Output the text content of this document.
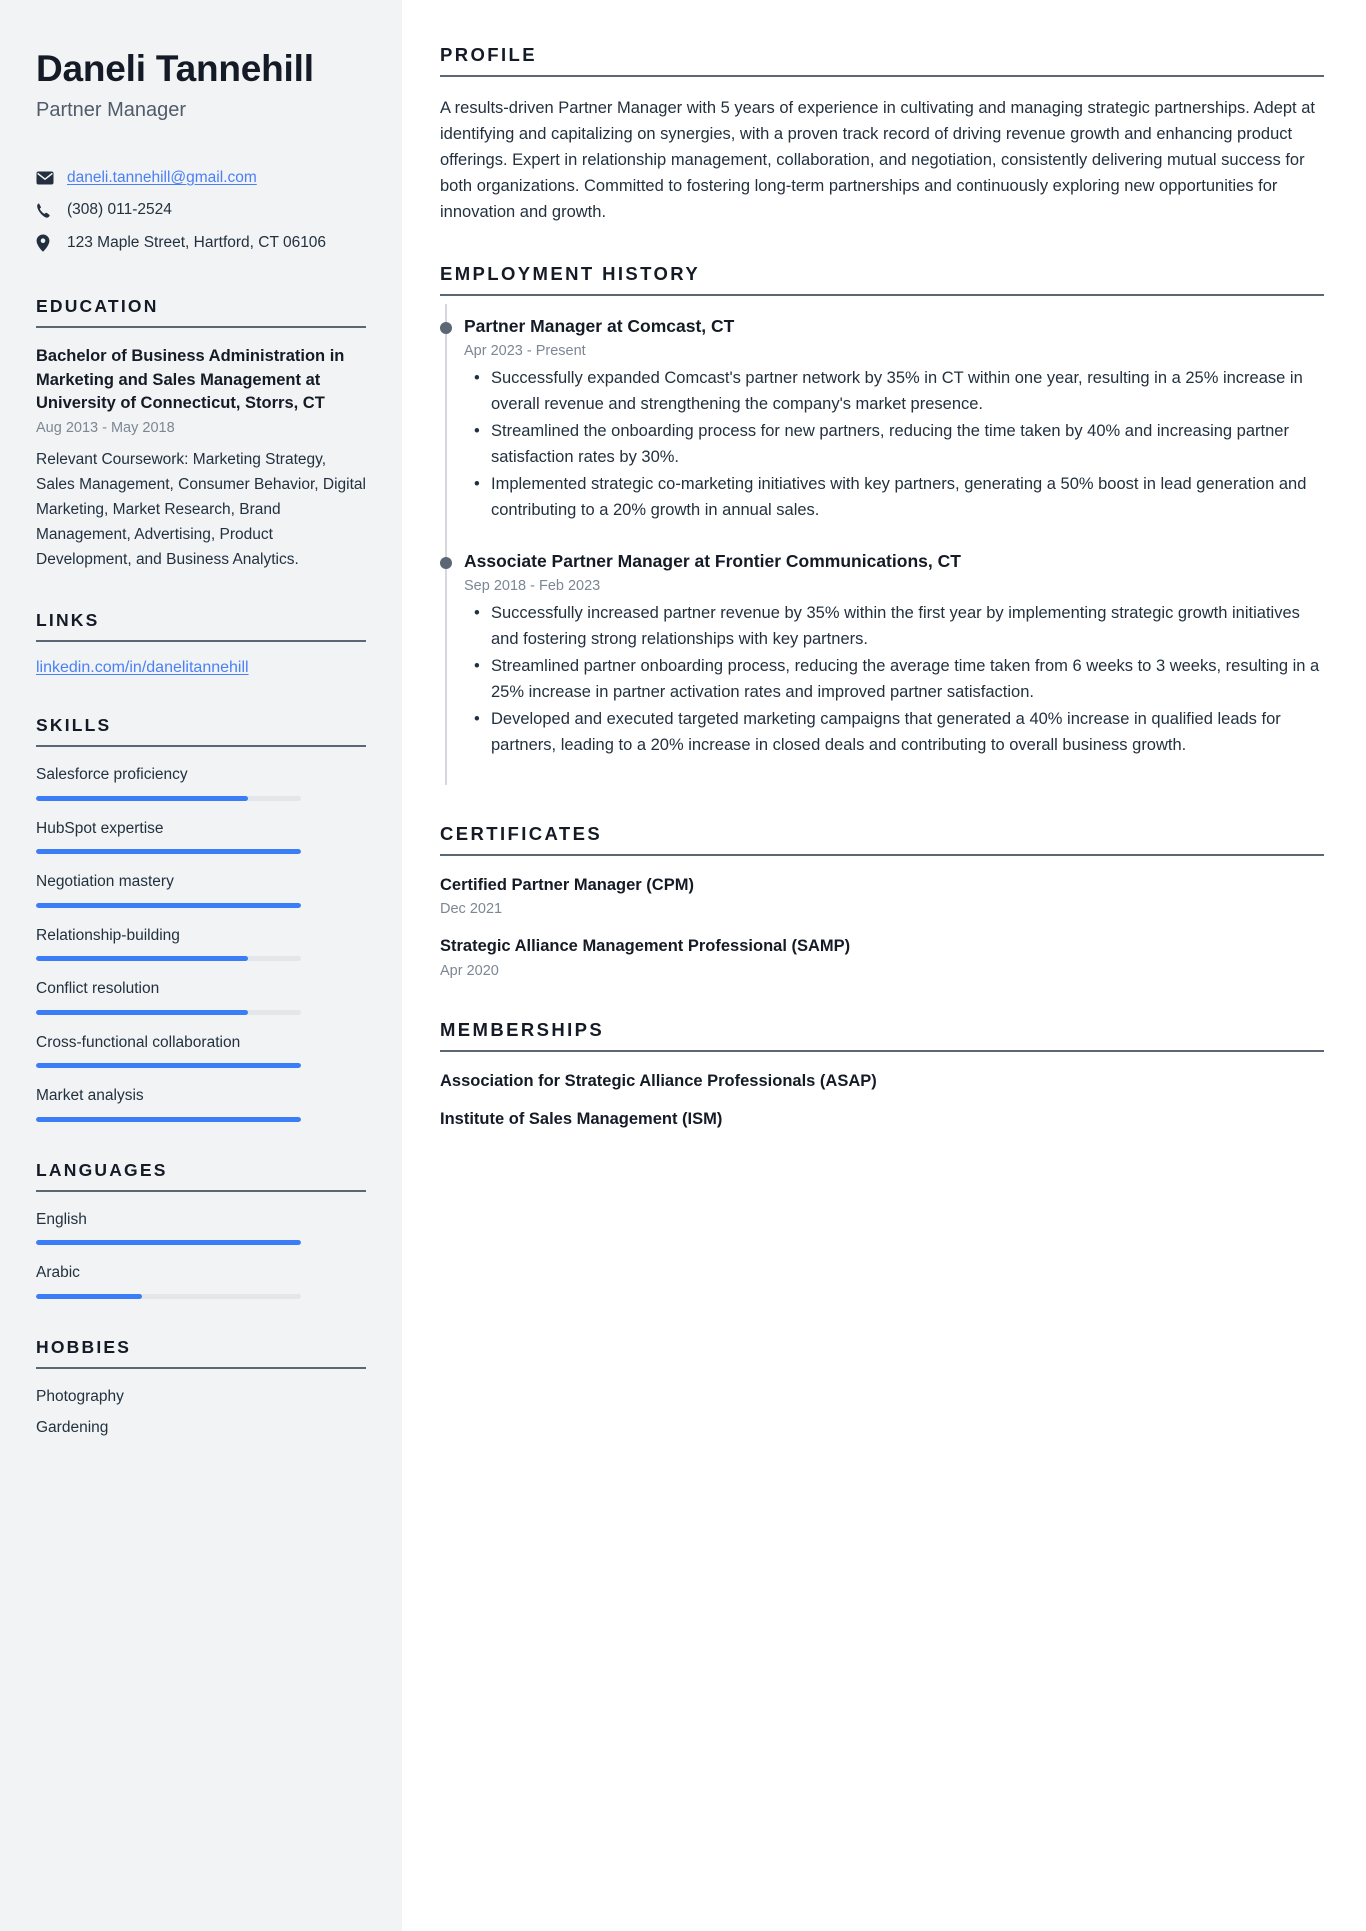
Daneli Tannehill
Partner Manager
daneli.tannehill@gmail.com
(308) 011-2524
123 Maple Street, Hartford, CT 06106
EDUCATION
Bachelor of Business Administration in Marketing and Sales Management at University of Connecticut, Storrs, CT
Aug 2013 - May 2018

Relevant Coursework: Marketing Strategy, Sales Management, Consumer Behavior, Digital Marketing, Market Research, Brand Management, Advertising, Product Development, and Business Analytics.

LINKS
linkedin.com/in/danelitannehill
SKILLS
Salesforce proficiency
HubSpot expertise
Negotiation mastery
Relationship-building
Conflict resolution
Cross-functional collaboration
Market analysis
LANGUAGES
English
Arabic
HOBBIES
Photography
Gardening
PROFILE

A results-driven Partner Manager with 5 years of experience in cultivating and managing strategic partnerships. Adept at identifying and capitalizing on synergies, with a proven track record of driving revenue growth and enhancing product offerings. Expert in relationship management, collaboration, and negotiation, consistently delivering mutual success for both organizations. Committed to fostering long-term partnerships and continuously exploring new opportunities for innovation and growth.

EMPLOYMENT HISTORY
Partner Manager at Comcast, CT
Apr 2023 - Present
• Successfully expanded Comcast's partner network by 35% in CT within one year, resulting in a 25% increase in overall revenue and strengthening the company's market presence.
• Streamlined the onboarding process for new partners, reducing the time taken by 40% and increasing partner satisfaction rates by 30%.
• Implemented strategic co-marketing initiatives with key partners, generating a 50% boost in lead generation and contributing to a 20% growth in annual sales.
Associate Partner Manager at Frontier Communications, CT
Sep 2018 - Feb 2023
• Successfully increased partner revenue by 35% within the first year by implementing strategic growth initiatives and fostering strong relationships with key partners.
• Streamlined partner onboarding process, reducing the average time taken from 6 weeks to 3 weeks, resulting in a 25% increase in partner activation rates and improved partner satisfaction.
• Developed and executed targeted marketing campaigns that generated a 40% increase in qualified leads for partners, leading to a 20% increase in closed deals and contributing to overall business growth.
CERTIFICATES
Certified Partner Manager (CPM)
Dec 2021
Strategic Alliance Management Professional (SAMP)
Apr 2020
MEMBERSHIPS
Association for Strategic Alliance Professionals (ASAP)
Institute of Sales Management (ISM)
